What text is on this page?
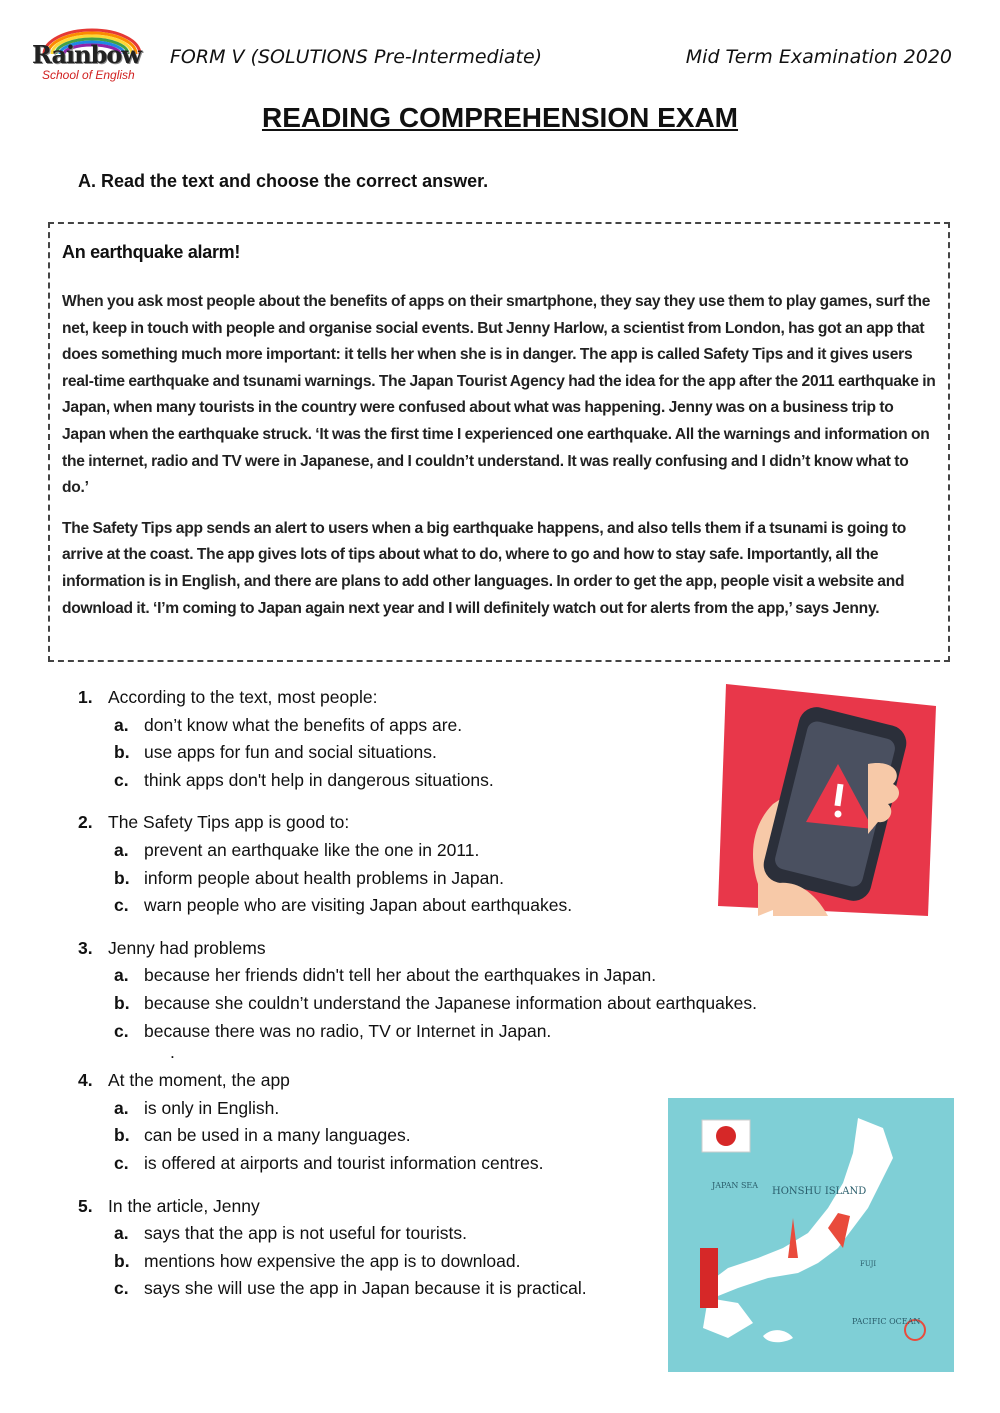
Rainbow
School of English
FORM V (SOLUTIONS Pre-Intermediate)	Mid Term Examination 2020
READING COMPREHENSION EXAM
A. Read the text and choose the correct answer.
An earthquake alarm!

When you ask most people about the benefits of apps on their smartphone, they say they use them to play games, surf the net, keep in touch with people and organise social events. But Jenny Harlow, a scientist from London, has got an app that does something much more important: it tells her when she is in danger. The app is called Safety Tips and it gives users real-time earthquake and tsunami warnings. The Japan Tourist Agency had the idea for the app after the 2011 earthquake in Japan, when many tourists in the country were confused about what was happening. Jenny was on a business trip to Japan when the earthquake struck. ‘It was the first time I experienced one earthquake. All the warnings and information on the internet, radio and TV were in Japanese, and I couldn’t understand. It was really confusing and I didn’t know what to do.’

The Safety Tips app sends an alert to users when a big earthquake happens, and also tells them if a tsunami is going to arrive at the coast. The app gives lots of tips about what to do, where to go and how to stay safe. Importantly, all the information is in English, and there are plans to add other languages. In order to get the app, people visit a website and download it. ‘I’m coming to Japan again next year and I will definitely watch out for alerts from the app,’ says Jenny.

1. According to the text, most people:
a. don’t know what the benefits of apps are.
b. use apps for fun and social situations.
c. think apps don't help in dangerous situations.
2. The Safety Tips app is good to:
a. prevent an earthquake like the one in 2011.
b. inform people about health problems in Japan.
c. warn people who are visiting Japan about earthquakes.
3. Jenny had problems
a. because her friends didn't tell her about the earthquakes in Japan.
b. because she couldn’t understand the Japanese information about earthquakes.
c. because there was no radio, TV or Internet in Japan.
.
4. At the moment, the app
a. is only in English.
b. can be used in a many languages.
c. is offered at airports and tourist information centres.
5. In the article, Jenny
a. says that the app is not useful for tourists.
b. mentions how expensive the app is to download.
c. says she will use the app in Japan because it is practical.
JAPAN SEA
HONSHU ISLAND
PACIFIC OCEAN
FUJI
